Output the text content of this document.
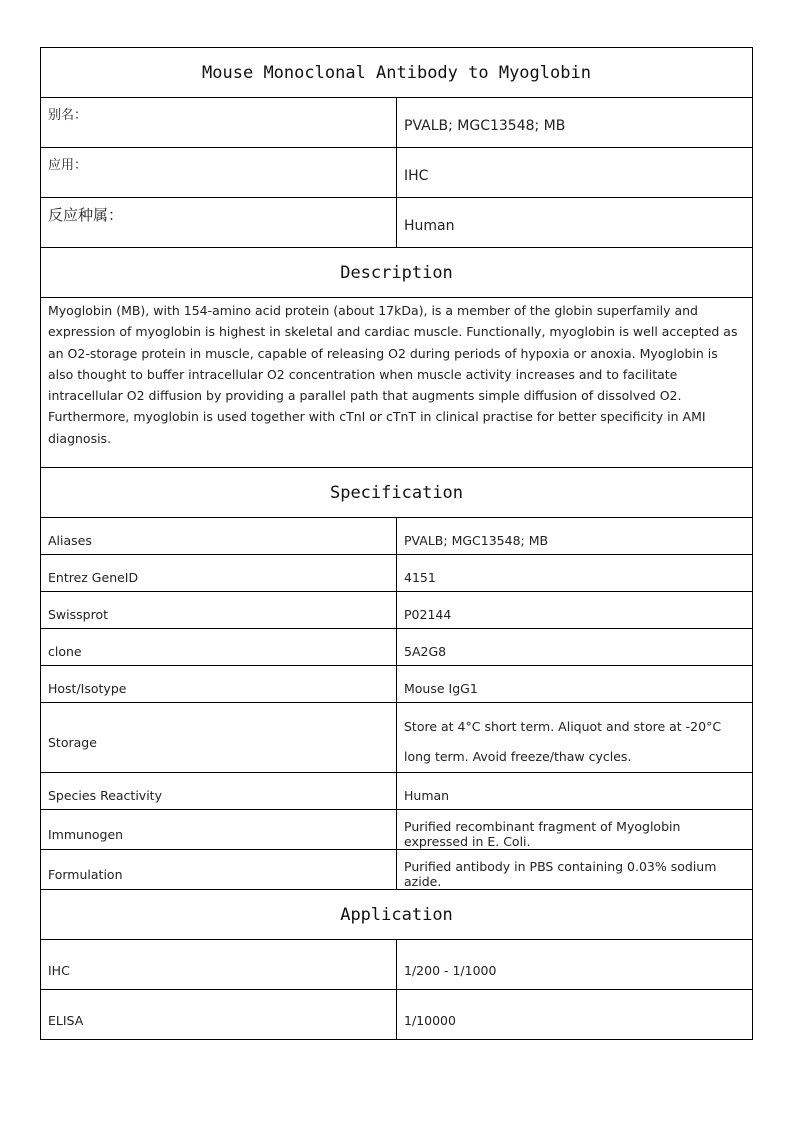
Mouse Monoclonal Antibody to Myoglobin	
别名：	PVALB; MGC13548; MB
应用：	IHC
反应种属：	Human
Description	
Myoglobin (MB), with 154-amino acid protein (about 17kDa), is a member of the globin superfamily and expression of myoglobin is highest in skeletal and cardiac muscle. Functionally, myoglobin is well accepted as an O2-storage protein in muscle, capable of releasing O2 during periods of hypoxia or anoxia. Myoglobin is also thought to buffer intracellular O2 concentration when muscle activity increases and to facilitate intracellular O2 diffusion by providing a parallel path that augments simple diffusion of dissolved O2. Furthermore, myoglobin is used together with cTnI or cTnT in clinical practise for better specificity in AMI diagnosis.	
Specification	
Aliases	PVALB; MGC13548; MB
Entrez GeneID	4151
Swissprot	P02144
clone	5A2G8
Host/Isotype	Mouse IgG1
Storage	Store at 4°C short term. Aliquot and store at -20°C long term. Avoid freeze/thaw cycles.
Species Reactivity	Human
Immunogen	Purified recombinant fragment of Myoglobin expressed in E. Coli.
Formulation	Purified antibody in PBS containing 0.03% sodium azide.
Application	
IHC	1/200 - 1/1000
ELISA	1/10000
